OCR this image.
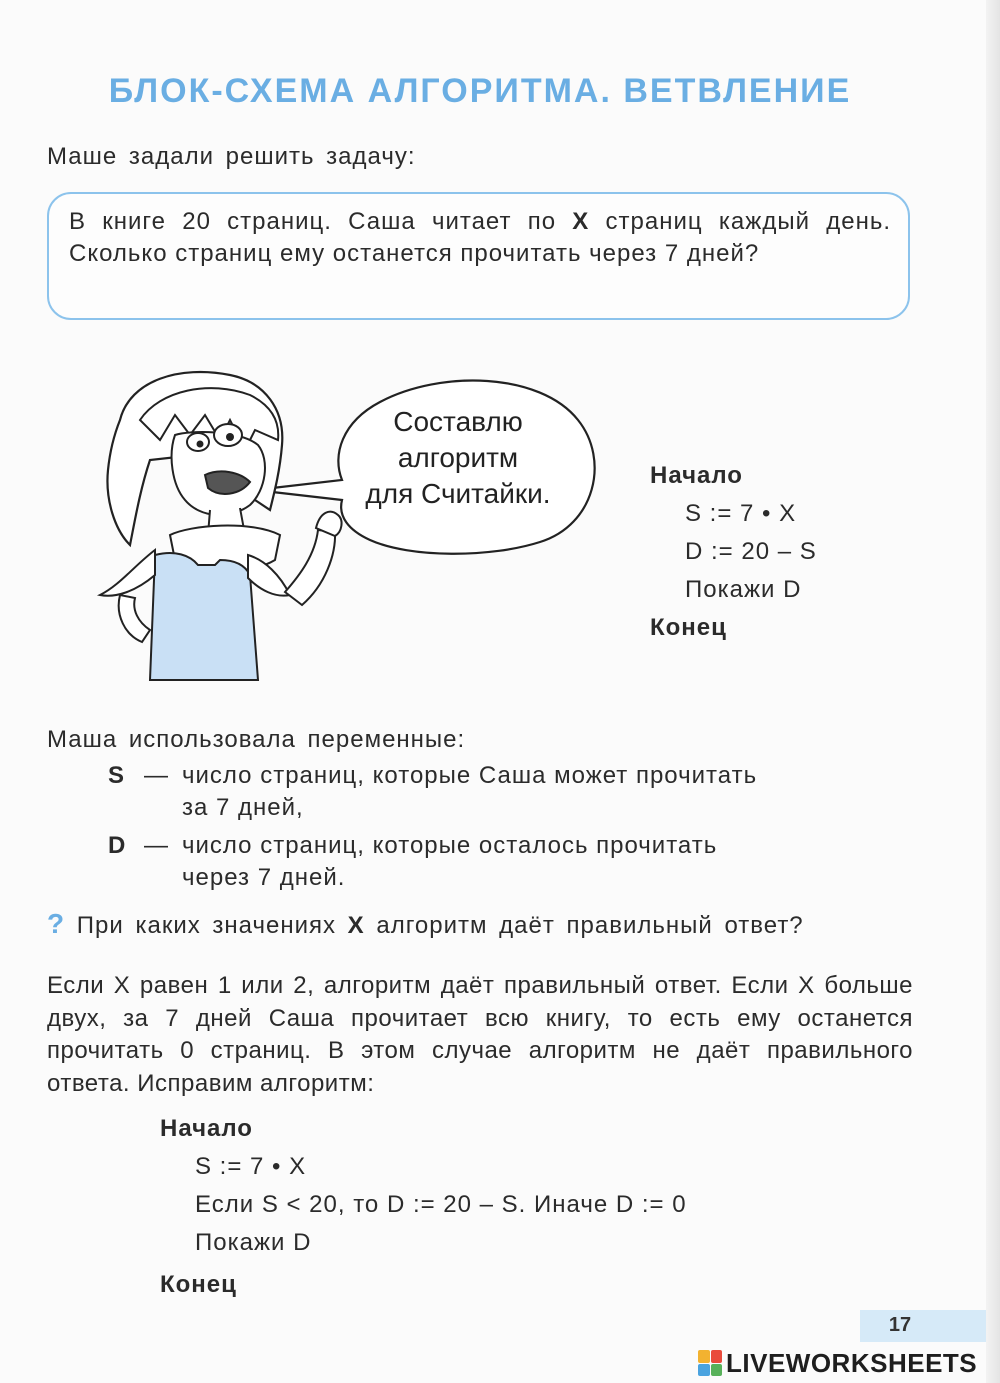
БЛОК-СХЕМА АЛГОРИТМА. ВЕТВЛЕНИЕ
Маше задали решить задачу:
В книге 20 страниц. Саша читает по X страниц каждый день. Сколько страниц ему останется прочитать через 7 дней?
Составлю
алгоритм
для Считайки.
Начало
S := 7 • X
D := 20 – S
Покажи D
Конец
Маша использовала переменные:
S — число страниц, которые Саша может прочитать
за 7 дней,
D — число страниц, которые осталось прочитать
через 7 дней.
? При каких значениях X алгоритм даёт правильный ответ?
Если X равен 1 или 2, алгоритм даёт правильный ответ. Если X больше двух, за 7 дней Саша прочитает всю книгу, то есть ему останется прочитать 0 страниц. В этом случае алгоритм не даёт правильного ответа. Исправим алгоритм:
Начало
S := 7 • X
Если S < 20, то D := 20 – S. Иначе D := 0
Покажи D
Конец
17
LIVEWORKSHEETS
